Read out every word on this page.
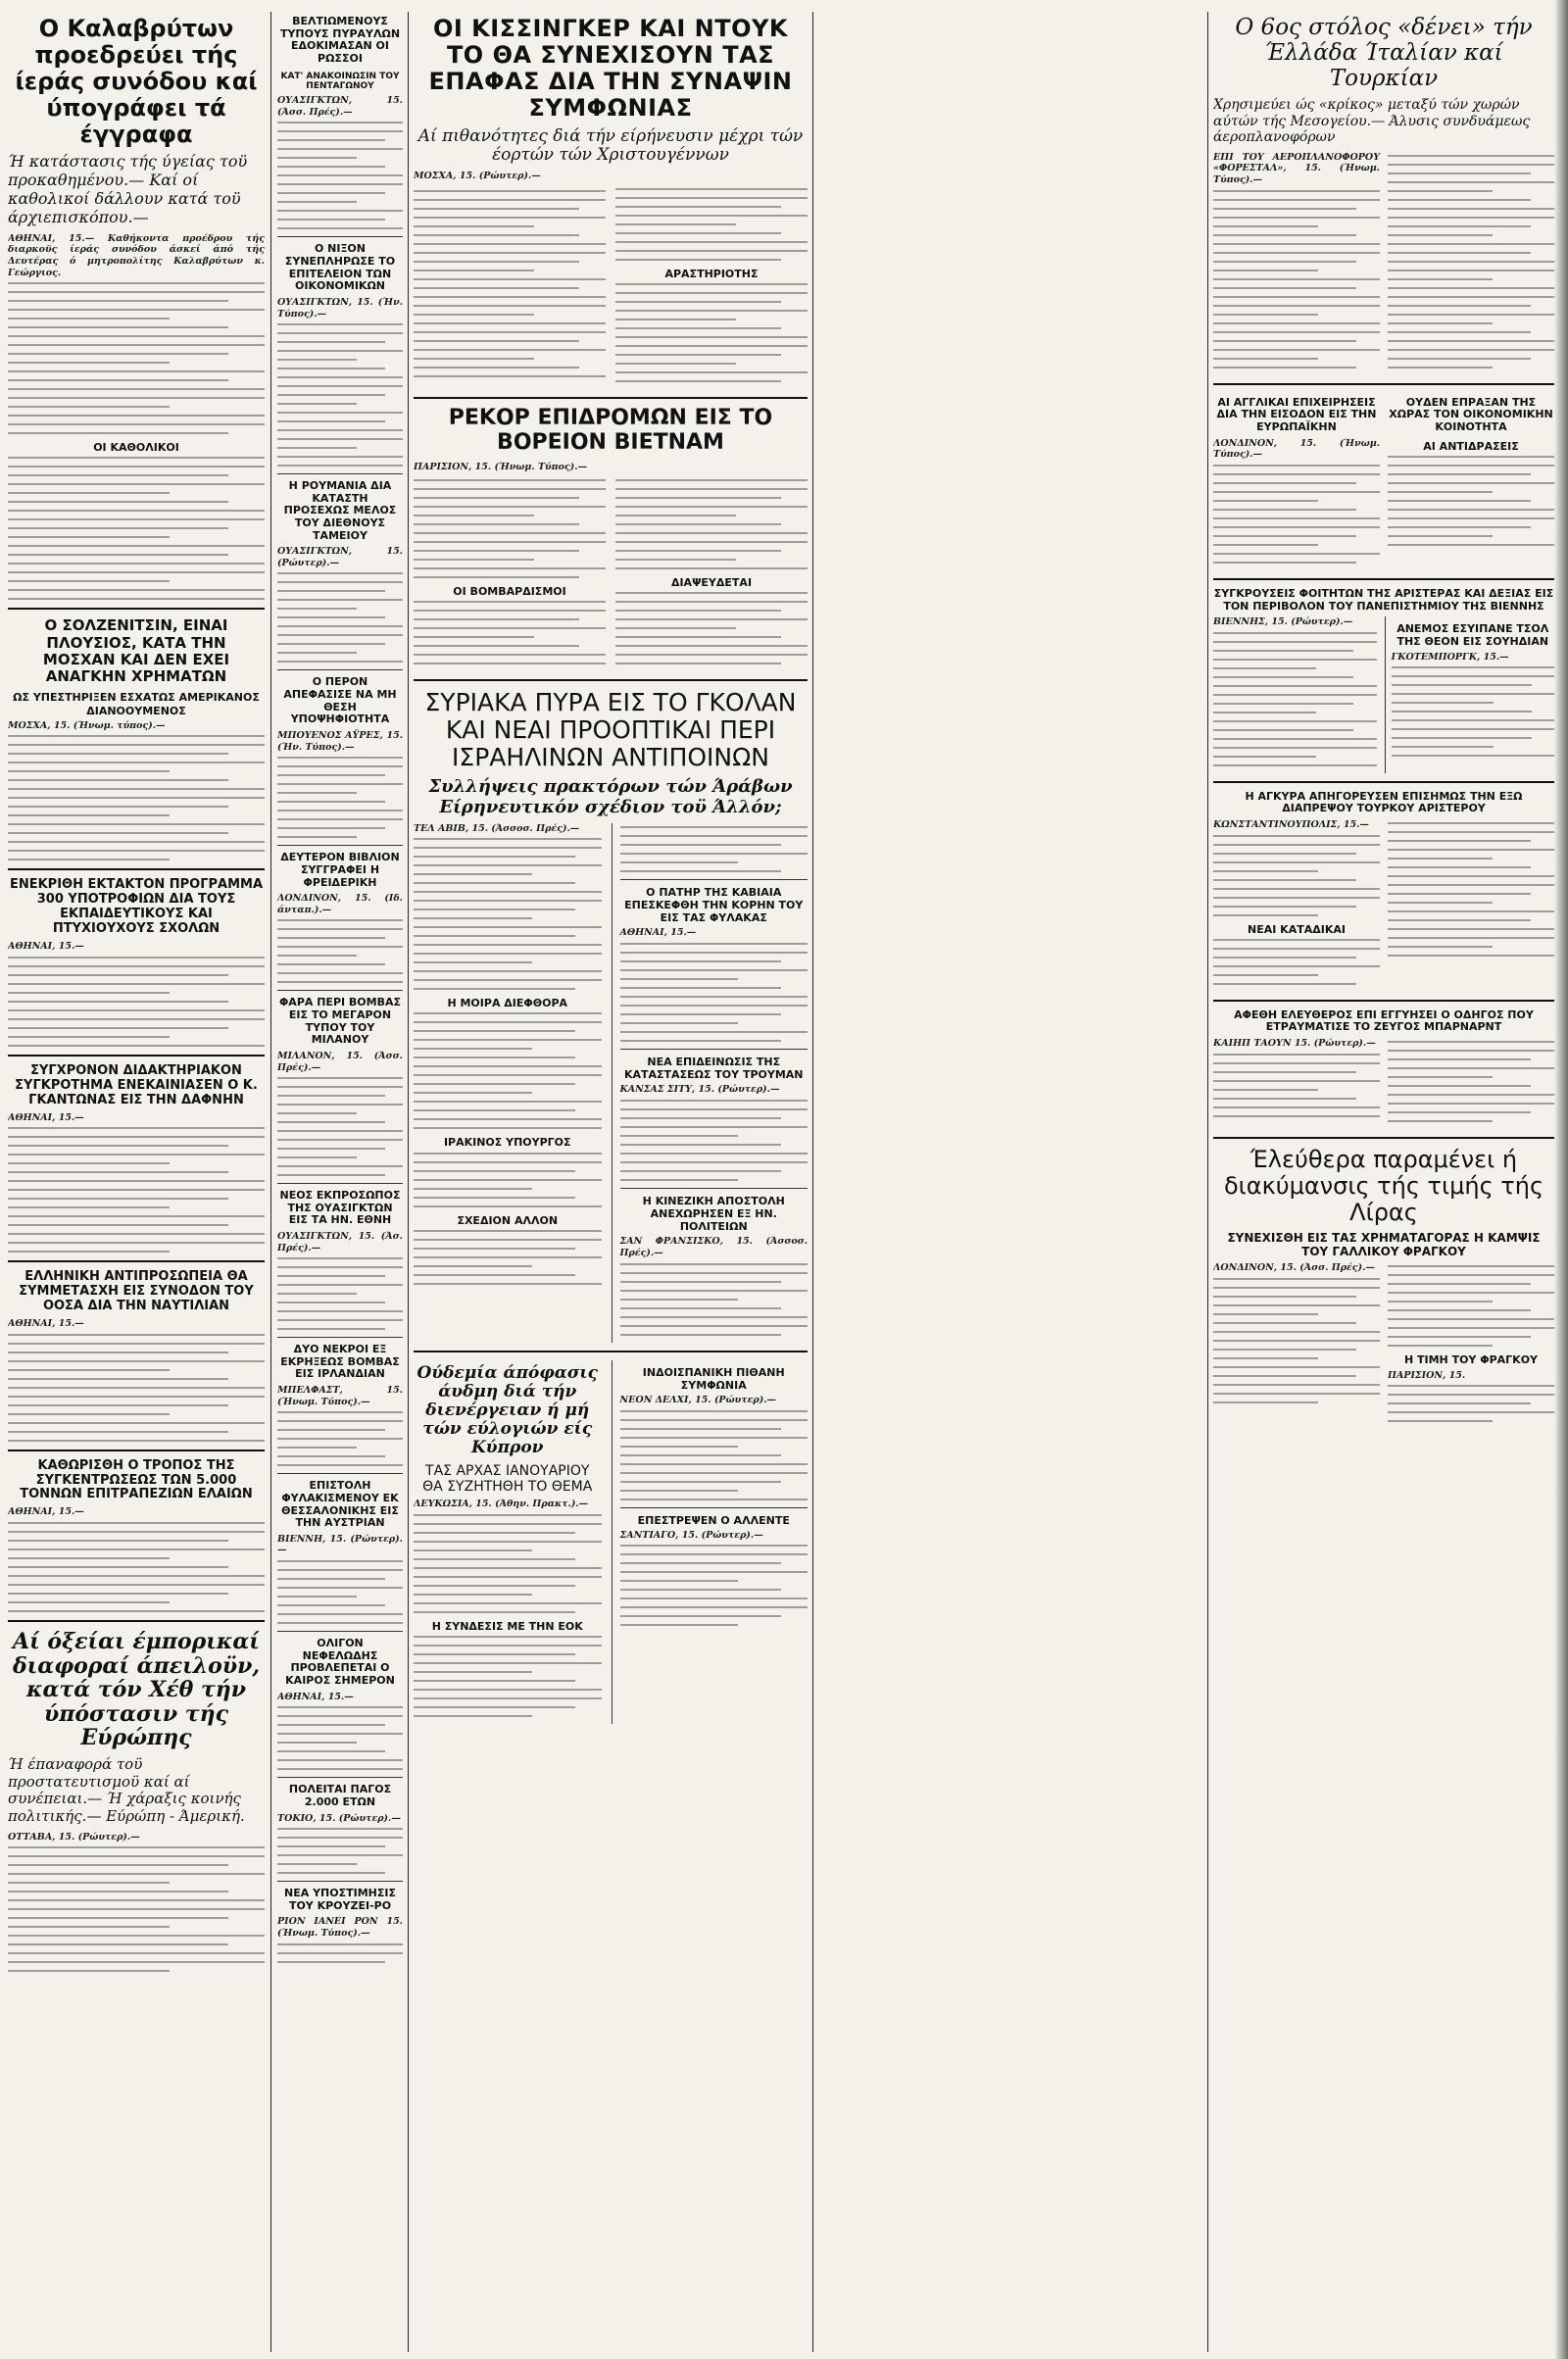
Ο Καλαβρύτων προεδρεύει τής ίεράς συνόδου καί ύπογράφει τά έγγραφα

Ή κατάστασις τής ύγείας τοϋ προκαθημένου.— Καί οί καθολικοί δάλλουν κατά τοϋ άρχιεπισκόπου.—

ΑΘΗΝΑΙ, 15.— Καθήκοντα προέδρου τής διαρκοϋς ίεράς συνόδου άσκεί άπό τής Δευτέρας ό μητροπολίτης Καλαβρύτων κ. Γεώργιος.

ΟΙ ΚΑΘΟΛΙΚΟΙ
Ο ΣΟΛΖΕΝΙΤΣΙΝ, ΕΙΝΑΙ ΠΛΟΥΣΙΟΣ, ΚΑΤΑ ΤΗΝ ΜΟΣΧΑΝ ΚΑΙ ΔΕΝ ΕΧΕΙ ΑΝΑΓΚΗΝ ΧΡΗΜΑΤΩΝ
ΩΣ ΥΠΕΣΤΗΡΙΞΕΝ ΕΣΧΑΤΩΣ ΑΜΕΡΙΚΑΝΟΣ ΔΙΑΝΟΟΥΜΕΝΟΣ

ΜΟΣΧΑ, 15. (Ήνωμ. τύπος).—

ΕΝΕΚΡΙΘΗ ΕΚΤΑΚΤΟΝ ΠΡΟΓΡΑΜΜΑ 300 ΥΠΟΤΡΟΦΙΩΝ ΔΙΑ ΤΟΥΣ ΕΚΠΑΙΔΕΥΤΙΚΟΥΣ ΚΑΙ ΠΤΥΧΙΟΥΧΟΥΣ ΣΧΟΛΩΝ

ΑΘΗΝΑΙ, 15.—

ΣΥΓΧΡΟΝΟΝ ΔΙΔΑΚΤΗΡΙΑΚΟΝ ΣΥΓΚΡΟΤΗΜΑ ΕΝΕΚΑΙΝΙΑΣΕΝ Ο Κ. ΓΚΑΝΤΩΝΑΣ ΕΙΣ ΤΗΝ ΔΑΦΝΗΝ

ΑΘΗΝΑΙ, 15.—

ΕΛΛΗΝΙΚΗ ΑΝΤΙΠΡΟΣΩΠΕΙΑ ΘΑ ΣΥΜΜΕΤΑΣΧΗ ΕΙΣ ΣΥΝΟΔΟΝ ΤΟΥ ΟΟΣΑ ΔΙΑ ΤΗΝ ΝΑΥΤΙΛΙΑΝ

ΑΘΗΝΑΙ, 15.—

ΚΑΘΩΡΙΣΘΗ Ο ΤΡΟΠΟΣ ΤΗΣ ΣΥΓΚΕΝΤΡΩΣΕΩΣ ΤΩΝ 5.000 ΤΟΝΝΩΝ ΕΠΙΤΡΑΠΕΖΙΩΝ ΕΛΑΙΩΝ

ΑΘΗΝΑΙ, 15.—

Αί όξείαι έμπορικαί διαφοραί άπειλοϋν, κατά τόν Χέθ τήν ύπόστασιν τής Εύρώπης

Ή έπαναφορά τοϋ προστατευτισμοϋ καί αί συνέπειαι.— Ή χάραξις κοινής πολιτικής.— Εύρώπη - Άμερική.

ΟΤΤΑΒΑ, 15. (Ρώυτερ).—

ΒΕΛΤΙΩΜΕΝΟΥΣ ΤΥΠΟΥΣ ΠΥΡΑΥΛΩΝ ΕΔΟΚΙΜΑΣΑΝ ΟΙ ΡΩΣΣΟΙ
ΚΑΤ' ΑΝΑΚΟΙΝΩΣΙΝ ΤΟΥ ΠΕΝΤΑΓΩΝΟΥ

ΟΥΑΣΙΓΚΤΩΝ, 15. (Άσσ. Πρές).—

Ο ΝΙΞΟΝ ΣΥΝΕΠΛΗΡΩΣΕ ΤΟ ΕΠΙΤΕΛΕΙΟΝ ΤΩΝ ΟΙΚΟΝΟΜΙΚΩΝ

ΟΥΑΣΙΓΚΤΩΝ, 15. (Ήν. Τύπος).—

Η ΡΟΥΜΑΝΙΑ ΔΙΑ ΚΑΤΑΣΤΗ ΠΡΟΣΕΧΩΣ ΜΕΛΟΣ ΤΟΥ ΔΙΕΘΝΟΥΣ ΤΑΜΕΙΟΥ

ΟΥΑΣΙΓΚΤΩΝ, 15. (Ρώυτερ).—

Ο ΠΕΡΟΝ ΑΠΕΦΑΣΙΣΕ ΝΑ ΜΗ ΘΕΣΗ ΥΠΟΨΗΦΙΟΤΗΤΑ

ΜΠΟΥΕΝΟΣ ΑΫΡΕΣ, 15. (Ήν. Τύπος).—

ΔΕΥΤΕΡΟΝ ΒΙΒΛΙΟΝ ΣΥΓΓΡΑΦΕΙ Η ΦΡΕΙΔΕΡΙΚΗ

ΛΟΝΔΙΝΟΝ, 15. (Ιδ. άνταπ.).—

ΦΑΡΑ ΠΕΡΙ ΒΟΜΒΑΣ ΕΙΣ ΤΟ ΜΕΓΑΡΟΝ ΤΥΠΟΥ ΤΟΥ ΜΙΛΑΝΟΥ

ΜΙΛΑΝΟΝ, 15. (Άσσ. Πρές).—

ΝΕΟΣ ΕΚΠΡΟΣΩΠΟΣ ΤΗΣ ΟΥΑΣΙΓΚΤΩΝ ΕΙΣ ΤΑ ΗΝ. ΕΘΝΗ

ΟΥΑΣΙΓΚΤΩΝ, 15. (Άσ. Πρές).—

ΔΥΟ ΝΕΚΡΟΙ ΕΞ ΕΚΡΗΞΕΩΣ ΒΟΜΒΑΣ ΕΙΣ ΙΡΛΑΝΔΙΑΝ

ΜΠΕΛΦΑΣΤ, 15. (Ήνωμ. Τύπος).—

ΕΠΙΣΤΟΛΗ ΦΥΛΑΚΙΣΜΕΝΟΥ ΕΚ ΘΕΣΣΑΛΟΝΙΚΗΣ ΕΙΣ ΤΗΝ ΑΥΣΤΡΙΑΝ

ΒΙΕΝΝΗ, 15. (Ρώυτερ).—

ΟΛΙΓΟΝ ΝΕΦΕΛΩΔΗΣ ΠΡΟΒΛΕΠΕΤΑΙ Ο ΚΑΙΡΟΣ ΣΗΜΕΡΟΝ

ΑΘΗΝΑΙ, 15.—

ΠΟΛΕΙΤΑΙ ΠΑΓΟΣ 2.000 ΕΤΩΝ

ΤΟΚΙΟ, 15. (Ρώυτερ).—

ΝΕΑ ΥΠΟΣΤΙΜΗΣΙΣ ΤΟΥ ΚΡΟΥΖΕΙ-ΡΟ

ΡΙΟΝ ΙΑΝΕΙ ΡΟΝ 15. (Ήνωμ. Τύπος).—

ΟΙ ΚΙΣΣΙΝΓΚΕΡ ΚΑΙ ΝΤΟΥΚ ΤΟ ΘΑ ΣΥΝΕΧΙΣΟΥΝ ΤΑΣ ΕΠΑΦΑΣ ΔΙΑ ΤΗΝ ΣΥΝΑΨΙΝ ΣΥΜΦΩΝΙΑΣ

Αί πιθανότητες διά τήν είρήνευσιν μέχρι τών έορτών τών Χριστουγέννων

ΜΟΣΧΑ, 15. (Ρώυτερ).—

ΑΡΑΣΤΗΡΙΟΤΗΣ
ΡΕΚΟΡ ΕΠΙΔΡΟΜΩΝ ΕΙΣ ΤΟ ΒΟΡΕΙΟΝ ΒΙΕΤΝΑΜ

ΠΑΡΙΣΙΟΝ, 15. (Ήνωμ. Τύπος).—

ΟΙ ΒΟΜΒΑΡΔΙΣΜΟΙ
ΔΙΑΨΕΥΔΕΤΑΙ
ΣΥΡΙΑΚΑ ΠΥΡΑ ΕΙΣ ΤΟ ΓΚΟΛΑΝ ΚΑΙ ΝΕΑΙ ΠΡΟΟΠΤΙΚΑΙ ΠΕΡΙ ΙΣΡΑΗΛΙΝΩΝ ΑΝΤΙΠΟΙΝΩΝ

Συλλήψεις πρακτόρων τών Άράβων Είρηνευτικόν σχέδιον τοϋ Άλλόν;

ΤΕΛ ΑΒΙΒ, 15. (Άσσοσ. Πρές).—

Η ΜΟΙΡΑ ΔΙΕΦΘΟΡΑ
ΙΡΑΚΙΝΟΣ ΥΠΟΥΡΓΟΣ
ΣΧΕΔΙΟΝ ΑΛΛΟΝ
Ο ΠΑΤΗΡ ΤΗΣ ΚΑΒΙΑΙΑ ΕΠΕΣΚΕΦΘΗ ΤΗΝ ΚΟΡΗΝ ΤΟΥ ΕΙΣ ΤΑΣ ΦΥΛΑΚΑΣ

ΑΘΗΝΑΙ, 15.—

ΝΕΑ ΕΠΙΔΕΙΝΩΣΙΣ ΤΗΣ ΚΑΤΑΣΤΑΣΕΩΣ ΤΟΥ ΤΡΟΥΜΑΝ

ΚΑΝΣΑΣ ΣΙΤΥ, 15. (Ρώυτερ).—

Η ΚΙΝΕΖΙΚΗ ΑΠΟΣΤΟΛΗ ΑΝΕΧΩΡΗΣΕΝ ΕΞ ΗΝ. ΠΟΛΙΤΕΙΩΝ

ΣΑΝ ΦΡΑΝΣΙΣΚΟ, 15. (Άσσοσ. Πρές).—

Ούδεμία άπόφασις άυδμη διά τήν διενέργειαν ή μή τών εύλογιών είς Κύπρον
ΤΑΣ ΑΡΧΑΣ ΙΑΝΟΥΑΡΙΟΥ ΘΑ ΣΥΖΗΤΗΘΗ ΤΟ ΘΕΜΑ

ΛΕΥΚΩΣΙΑ, 15. (Άθην. Πρακτ.).—

Η ΣΥΝΔΕΣΙΣ ΜΕ ΤΗΝ ΕΟΚ
ΙΝΔΟΙΣΠΑΝΙΚΗ ΠΙΘΑΝΗ ΣΥΜΦΩΝΙΑ

ΝΕΟΝ ΔΕΛΧΙ, 15. (Ρώυτερ).—

ΕΠΕΣΤΡΕΨΕΝ Ο ΑΛΛΕΝΤΕ

ΣΑΝΤΙΑΓΟ, 15. (Ρώυτερ).—

Ο 6ος στόλος «δένει» τήν Έλλάδα Ίταλίαν καί Τουρκίαν

Χρησιμεύει ώς «κρίκος» μεταξύ τών χωρών αύτών τής Μεσογείου.— Άλυσις συνδυάμεως άεροπλανοφόρων

ΕΠΙ ΤΟΥ ΑΕΡΟΠΛΑΝΟΦΟΡΟΥ «ΦΟΡΕΣΤΑΛ», 15. (Ήνωμ. Τύπος).—

ΑΙ ΑΓΓΛΙΚΑΙ ΕΠΙΧΕΙΡΗΣΕΙΣ ΔΙΑ ΤΗΝ ΕΙΣΟΔΟΝ ΕΙΣ ΤΗΝ ΕΥΡΩΠΑΪΚΗΝ

ΛΟΝΔΙΝΟΝ, 15. (Ήνωμ. Τύπος).—

ΟΥΔΕΝ ΕΠΡΑΞΑΝ ΤΗΣ ΧΩΡΑΣ ΤΟΝ ΟΙΚΟΝΟΜΙΚΗΝ ΚΟΙΝΟΤΗΤΑ
ΑΙ ΑΝΤΙΔΡΑΣΕΙΣ
ΣΥΓΚΡΟΥΣΕΙΣ ΦΟΙΤΗΤΩΝ ΤΗΣ ΑΡΙΣΤΕΡΑΣ ΚΑΙ ΔΕΞΙΑΣ ΕΙΣ ΤΟΝ ΠΕΡΙΒΟΛΟΝ ΤΟΥ ΠΑΝΕΠΙΣΤΗΜΙΟΥ ΤΗΣ ΒΙΕΝΝΗΣ

ΒΙΕΝΝΗΣ, 15. (Ρώυτερ).—

ΑΝΕΜΟΣ ΕΣΥΙΠΑΝΕ ΤΣΟΛ ΤΗΣ ΘΕΟΝ ΕΙΣ ΣΟΥΗΔΙΑΝ

ΓΚΟΤΕΜΠΟΡΓΚ, 15.—

Η ΑΓΚΥΡΑ ΑΠΗΓΟΡΕΥΣΕΝ ΕΠΙΣΗΜΩΣ ΤΗΝ ΕΞΩ ΔΙΑΠΡΕΨΟΥ ΤΟΥΡΚΟΥ ΑΡΙΣΤΕΡΟΥ

ΚΩΝΣΤΑΝΤΙΝΟΥΠΟΛΙΣ, 15.—

ΝΕΑΙ ΚΑΤΑΔΙΚΑΙ
ΑΦΕΘΗ ΕΛΕΥΘΕΡΟΣ ΕΠΙ ΕΓΓΥΗΣΕΙ Ο ΟΔΗΓΟΣ ΠΟΥ ΕΤΡΑΥΜΑΤΙΣΕ ΤΟ ΖΕΥΓΟΣ ΜΠΑΡΝΑΡΝΤ

ΚΑΙΗΠ ΤΑΟΥΝ 15. (Ρώυτερ).—

Έλεύθερα παραμένει ή διακύμανσις τής τιμής τής Λίρας
ΣΥΝΕΧΙΣΘΗ ΕΙΣ ΤΑΣ ΧΡΗΜΑΤΑΓΟΡΑΣ Η ΚΑΜΨΙΣ ΤΟΥ ΓΑΛΛΙΚΟΥ ΦΡΑΓΚΟΥ

ΛΟΝΔΙΝΟΝ, 15. (Άσσ. Πρές).—

Η ΤΙΜΗ ΤΟΥ ΦΡΑΓΚΟΥ

ΠΑΡΙΣΙΟΝ, 15.
